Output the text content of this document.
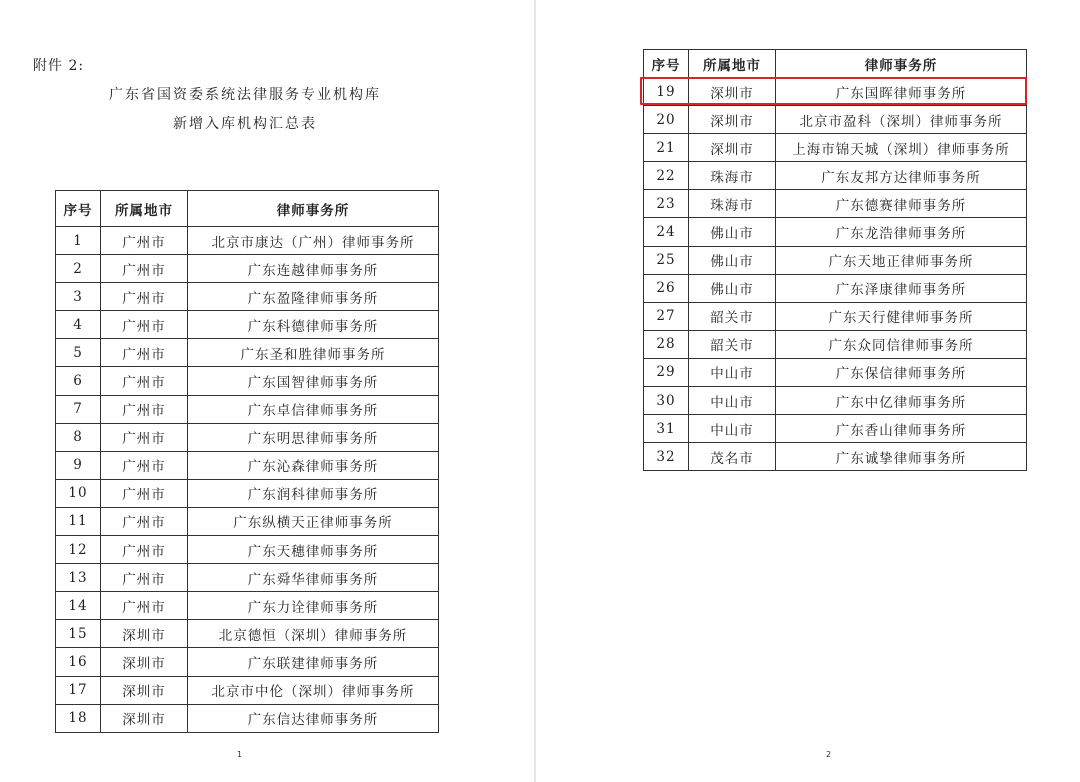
附件 2:
广东省国资委系统法律服务专业机构库
新增入库机构汇总表
序号	所属地市	律师事务所
1	广州市	北京市康达（广州）律师事务所
2	广州市	广东连越律师事务所
3	广州市	广东盈隆律师事务所
4	广州市	广东科德律师事务所
5	广州市	广东圣和胜律师事务所
6	广州市	广东国智律师事务所
7	广州市	广东卓信律师事务所
8	广州市	广东明思律师事务所
9	广州市	广东沁森律师事务所
10	广州市	广东润科律师事务所
11	广州市	广东纵横天正律师事务所
12	广州市	广东天穗律师事务所
13	广州市	广东舜华律师事务所
14	广州市	广东力诠律师事务所
15	深圳市	北京德恒（深圳）律师事务所
16	深圳市	广东联建律师事务所
17	深圳市	北京市中伦（深圳）律师事务所
18	深圳市	广东信达律师事务所
1
序号	所属地市	律师事务所
19	深圳市	广东国晖律师事务所
20	深圳市	北京市盈科（深圳）律师事务所
21	深圳市	上海市锦天城（深圳）律师事务所
22	珠海市	广东友邦方达律师事务所
23	珠海市	广东德赛律师事务所
24	佛山市	广东龙浩律师事务所
25	佛山市	广东天地正律师事务所
26	佛山市	广东泽康律师事务所
27	韶关市	广东天行健律师事务所
28	韶关市	广东众同信律师事务所
29	中山市	广东保信律师事务所
30	中山市	广东中亿律师事务所
31	中山市	广东香山律师事务所
32	茂名市	广东诚挚律师事务所
2
